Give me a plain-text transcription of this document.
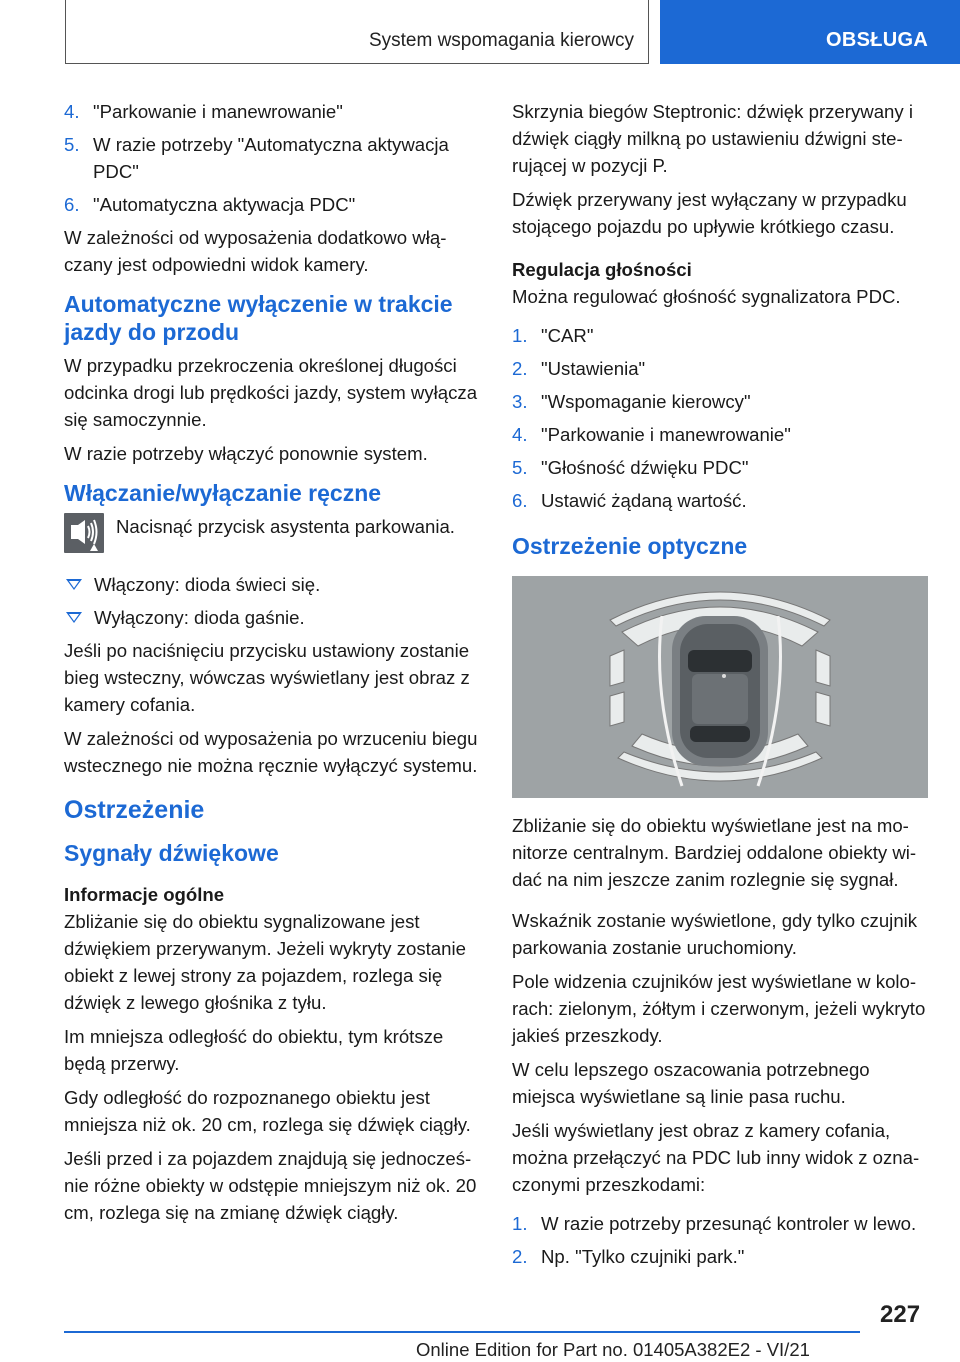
System wspomagania kierowcy	OBSŁUGA
4. "Parkowanie i manewrowanie"
5. W razie potrzeby "Automatyczna aktywacja PDC"
6. "Automatyczna aktywacja PDC"

W zależności od wyposażenia dodatkowo włączany jest odpowiedni widok kamery.

Automatyczne wyłączenie w trakcie jazdy do przodu

W przypadku przekroczenia określonej długości odcinka drogi lub prędkości jazdy, system wyłącza się samoczynnie.

W razie potrzeby włączyć ponownie system.

Włączanie/wyłączanie ręczne
Nacisnąć przycisk asystenta parkowania.
Włączony: dioda świeci się.
Wyłączony: dioda gaśnie.

Jeśli po naciśnięciu przycisku ustawiony zostanie bieg wsteczny, wówczas wyświetlany jest obraz z kamery cofania.

W zależności od wyposażenia po wrzuceniu biegu wstecznego nie można ręcznie wyłączyć systemu.

Ostrzeżenie
Sygnały dźwiękowe
Informacje ogólne

Zbliżanie się do obiektu sygnalizowane jest dźwiękiem przerywanym. Jeżeli wykryty zostanie obiekt z lewej strony za pojazdem, rozlega się dźwięk z lewego głośnika z tyłu.

Im mniejsza odległość do obiektu, tym krótsze będą przerwy.

Gdy odległość do rozpoznanego obiektu jest mniejsza niż ok. 20 cm, rozlega się dźwięk ciągły.

Jeśli przed i za pojazdem znajdują się jednocześnie różne obiekty w odstępie mniejszym niż ok. 20 cm, rozlega się na zmianę dźwięk ciągły.

Skrzynia biegów Steptronic: dźwięk przerywany i dźwięk ciągły milkną po ustawieniu dźwigni sterującej w pozycji P.

Dźwięk przerywany jest wyłączany w przypadku stojącego pojazdu po upływie krótkiego czasu.

Regulacja głośności

Można regulować głośność sygnalizatora PDC.

1. "CAR"
2. "Ustawienia"
3. "Wspomaganie kierowcy"
4. "Parkowanie i manewrowanie"
5. "Głośność dźwięku PDC"
6. Ustawić żądaną wartość.
Ostrzeżenie optyczne

Zbliżanie się do obiektu wyświetlane jest na monitorze centralnym. Bardziej oddalone obiekty widać na nim jeszcze zanim rozlegnie się sygnał.

Wskaźnik zostanie wyświetlone, gdy tylko czujnik parkowania zostanie uruchomiony.

Pole widzenia czujników jest wyświetlane w kolorach: zielonym, żółtym i czerwonym, jeżeli wykryto jakieś przeszkody.

W celu lepszego oszacowania potrzebnego miejsca wyświetlane są linie pasa ruchu.

Jeśli wyświetlany jest obraz z kamery cofania, można przełączyć na PDC lub inny widok z oznaczonymi przeszkodami:

1. W razie potrzeby przesunąć kontroler w lewo.
2. Np. "Tylko czujniki park."
227
Online Edition for Part no. 01405A382E2 - VI/21
